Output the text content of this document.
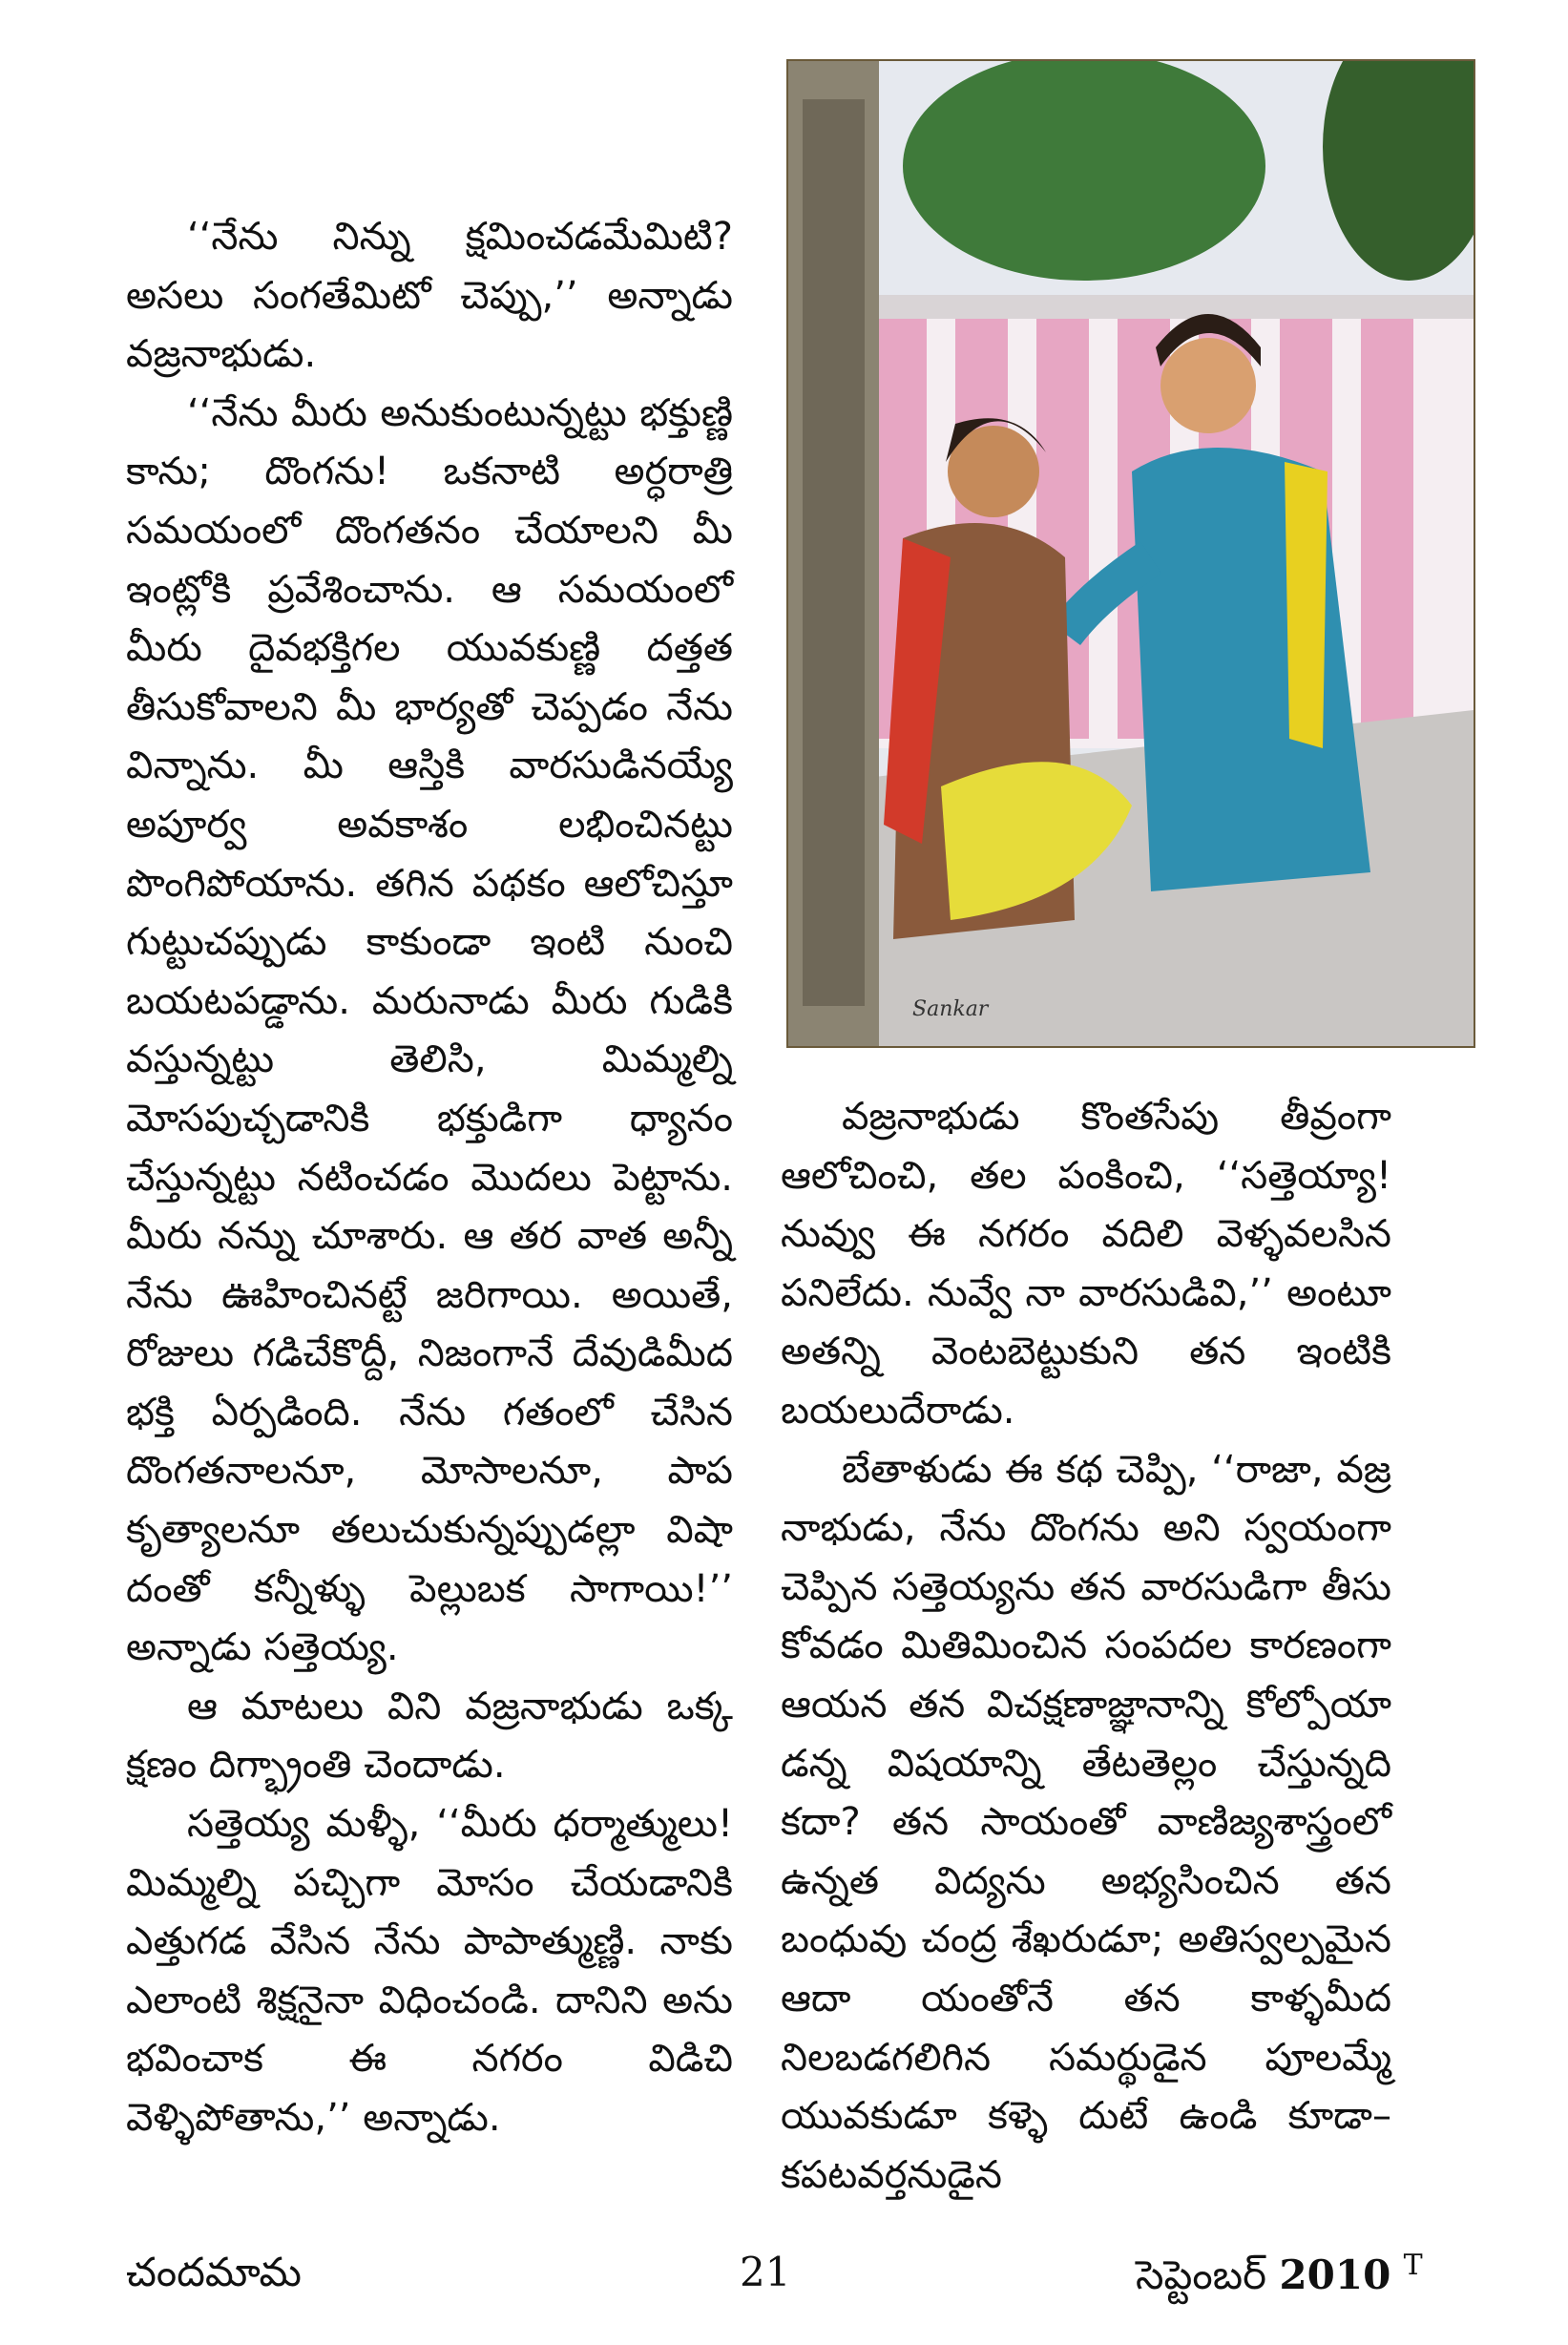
‘‘నేను నిన్ను క్షమించడమేమిటి? అసలు సంగతేమిటో చెప్పు,’’ అన్నాడు వజ్రనాభుడు.

‘‘నేను మీరు అనుకుంటున్నట్టు భక్తుణ్ణి కాను; దొంగను! ఒకనాటి అర్ధరాత్రి సమయంలో దొంగతనం చేయాలని మీ ఇంట్లోకి ప్రవేశించాను. ఆ సమయంలో మీరు దైవభక్తిగల యువకుణ్ణి దత్తత తీసుకోవాలని మీ భార్యతో చెప్పడం నేను విన్నాను. మీ ఆస్తికి వారసుడినయ్యే అపూర్వ అవకాశం లభించినట్టు పొంగిపోయాను. తగిన పథకం ఆలోచిస్తూ గుట్టుచప్పుడు కాకుండా ఇంటి నుంచి బయటపడ్డాను. మరునాడు మీరు గుడికి వస్తున్నట్టు తెలిసి, మిమ్మల్ని మోసపుచ్చడానికి భక్తుడిగా ధ్యానం చేస్తున్నట్టు నటించడం మొదలు పెట్టాను. మీరు నన్ను చూశారు. ఆ తర వాత అన్నీ నేను ఊహించినట్టే జరిగాయి. అయితే, రోజులు గడిచేకొద్దీ, నిజంగానే దేవుడిమీద భక్తి ఏర్పడింది. నేను గతంలో చేసిన దొంగతనాలనూ, మోసాలనూ, పాప కృత్యాలనూ తలుచుకున్నప్పుడల్లా విషా దంతో కన్నీళ్ళు పెల్లుబక సాగాయి!’’ అన్నాడు సత్తెయ్య.

ఆ మాటలు విని వజ్రనాభుడు ఒక్క క్షణం దిగ్భ్రాంతి చెందాడు.

సత్తెయ్య మళ్ళీ, ‘‘మీరు ధర్మాత్ములు! మిమ్మల్ని పచ్చిగా మోసం చేయడానికి ఎత్తుగడ వేసిన నేను పాపాత్ముణ్ణి. నాకు ఎలాంటి శిక్షనైనా విధించండి. దానిని అను భవించాక ఈ నగరం విడిచి వెళ్ళిపోతాను,’’ అన్నాడు.

Sankar

వజ్రనాభుడు కొంతసేపు తీవ్రంగా ఆలోచించి, తల పంకించి, ‘‘సత్తెయ్యా! నువ్వు ఈ నగరం వదిలి వెళ్ళవలసిన పనిలేదు. నువ్వే నా వారసుడివి,’’ అంటూ అతన్ని వెంటబెట్టుకుని తన ఇంటికి బయలుదేరాడు.

బేతాళుడు ఈ కథ చెప్పి, ‘‘రాజా, వజ్ర నాభుడు, నేను దొంగను అని స్వయంగా చెప్పిన సత్తెయ్యను తన వారసుడిగా తీసు కోవడం మితిమించిన సంపదల కారణంగా ఆయన తన విచక్షణాజ్ఞానాన్ని కోల్పోయా డన్న విషయాన్ని తేటతెల్లం చేస్తున్నది కదా? తన సాయంతో వాణిజ్యశాస్త్రంలో ఉన్నత విద్యను అభ్యసించిన తన బంధువు చంద్ర శేఖరుడూ; అతిస్వల్పమైన ఆదా యంతోనే తన కాళ్ళమీద నిలబడగలిగిన సమర్థుడైన పూలమ్మే యువకుడూ కళ్ళె దుటే ఉండి కూడా– కపటవర్తనుడైన

చందమామ	21	సెప్టెంబర్ 2010 $^T$
